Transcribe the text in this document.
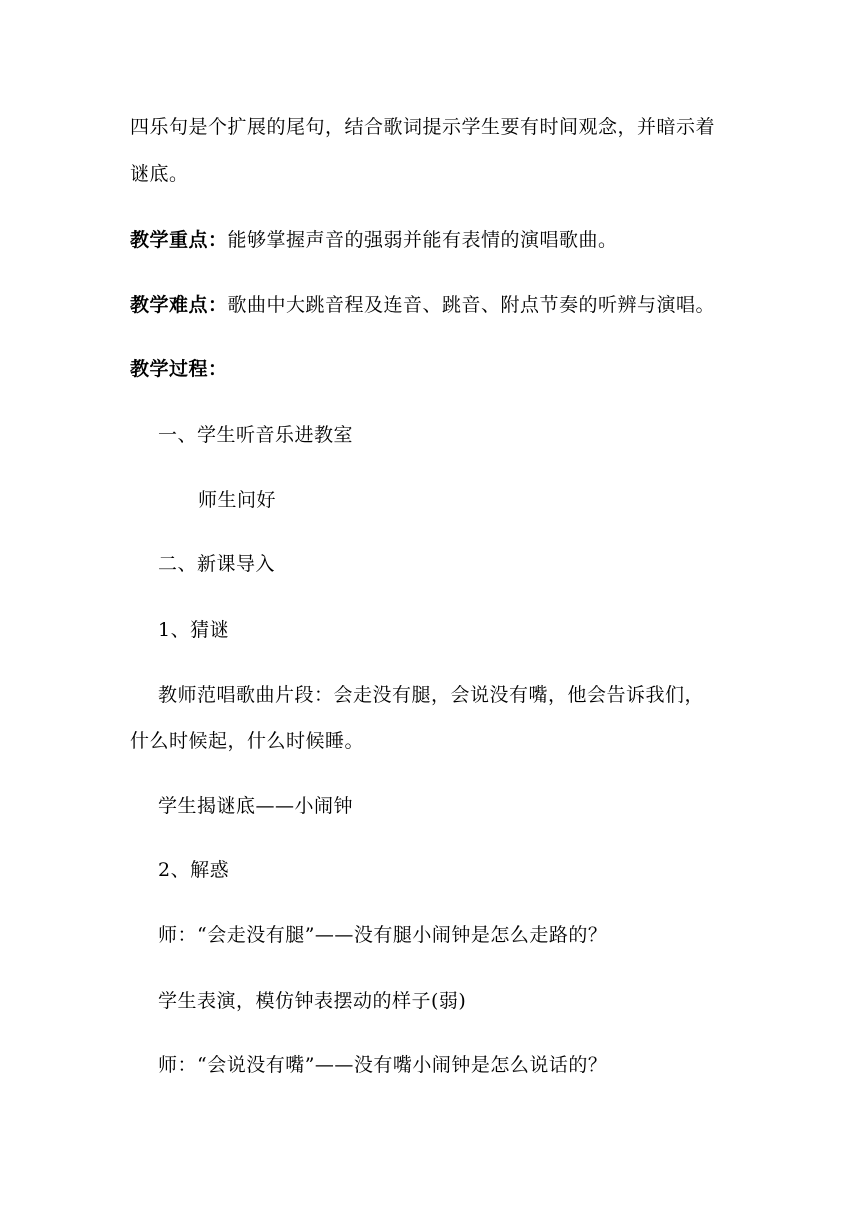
四乐句是个扩展的尾句，结合歌词提示学生要有时间观念，并暗示着
谜底。
教学重点：能够掌握声音的强弱并能有表情的演唱歌曲。
教学难点：歌曲中大跳音程及连音、跳音、附点节奏的听辨与演唱。
教学过程：
一、学生听音乐进教室
师生问好
二、新课导入
1、猜谜
教师范唱歌曲片段：会走没有腿，会说没有嘴，他会告诉我们，
什么时候起，什么时候睡。
学生揭谜底——小闹钟
2、解惑
师：“会走没有腿”——没有腿小闹钟是怎么走路的？
学生表演，模仿钟表摆动的样子(弱)
师：“会说没有嘴”——没有嘴小闹钟是怎么说话的？
